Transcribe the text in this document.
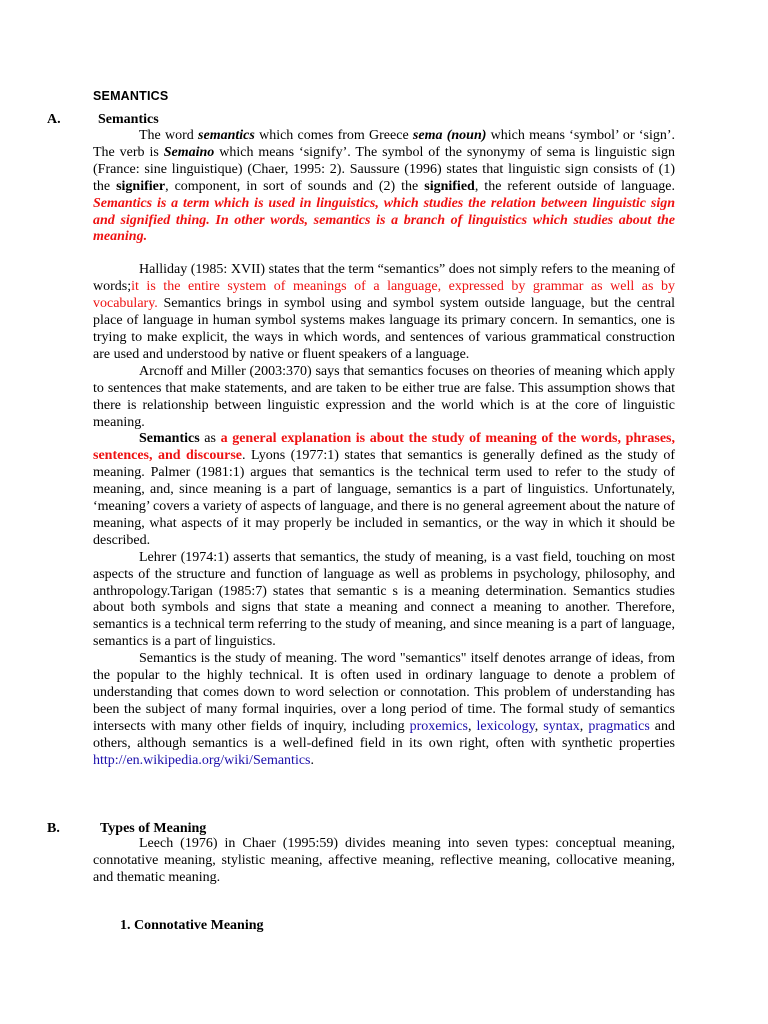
SEMANTICS
A.	Semantics

The word semantics which comes from Greece sema (noun) which means ‘symbol’ or ‘sign’. The verb is Semaino which means ‘signify’. The symbol of the synonymy of sema is linguistic sign (France: sine linguistique) (Chaer, 1995: 2). Saussure (1996) states that linguistic sign consists of (1) the signifier, component, in sort of sounds and (2) the signified, the referent outside of language. Semantics is a term which is used in linguistics, which studies the relation between linguistic sign and signified thing. In other words, semantics is a branch of linguistics which studies about the meaning.

Halliday (1985: XVII) states that the term “semantics” does not simply refers to the meaning of words;it is the entire system of meanings of a language, expressed by grammar as well as by vocabulary. Semantics brings in symbol using and symbol system outside language, but the central place of language in human symbol systems makes language its primary concern. In semantics, one is trying to make explicit, the ways in which words, and sentences of various grammatical construction are used and understood by native or fluent speakers of a language.

Arcnoff and Miller (2003:370) says that semantics focuses on theories of meaning which apply to sentences that make statements, and are taken to be either true are false. This assumption shows that there is relationship between linguistic expression and the world which is at the core of linguistic meaning.

Semantics as a general explanation is about the study of meaning of the words, phrases, sentences, and discourse. Lyons (1977:1) states that semantics is generally defined as the study of meaning. Palmer (1981:1) argues that semantics is the technical term used to refer to the study of meaning, and, since meaning is a part of language, semantics is a part of linguistics. Unfortunately, ‘meaning’ covers a variety of aspects of language, and there is no general agreement about the nature of meaning, what aspects of it may properly be included in semantics, or the way in which it should be described.

Lehrer (1974:1) asserts that semantics, the study of meaning, is a vast field, touching on most aspects of the structure and function of language as well as problems in psychology, philosophy, and anthropology.Tarigan (1985:7) states that semantic s is a meaning determination. Semantics studies about both symbols and signs that state a meaning and connect a meaning to another. Therefore, semantics is a technical term referring to the study of meaning, and since meaning is a part of language, semantics is a part of linguistics.

Semantics is the study of meaning. The word "semantics" itself denotes arrange of ideas, from the popular to the highly technical. It is often used in ordinary language to denote a problem of understanding that comes down to word selection or connotation. This problem of understanding has been the subject of many formal inquiries, over a long period of time. The formal study of semantics intersects with many other fields of inquiry, including proxemics, lexicology, syntax, pragmatics and others, although semantics is a well-defined field in its own right, often with synthetic properties http://en.wikipedia.org/wiki/Semantics.

B.	Types of Meaning

Leech (1976) in Chaer (1995:59) divides meaning into seven types: conceptual meaning, connotative meaning, stylistic meaning, affective meaning, reflective meaning, collocative meaning, and thematic meaning.

1. Connotative Meaning
